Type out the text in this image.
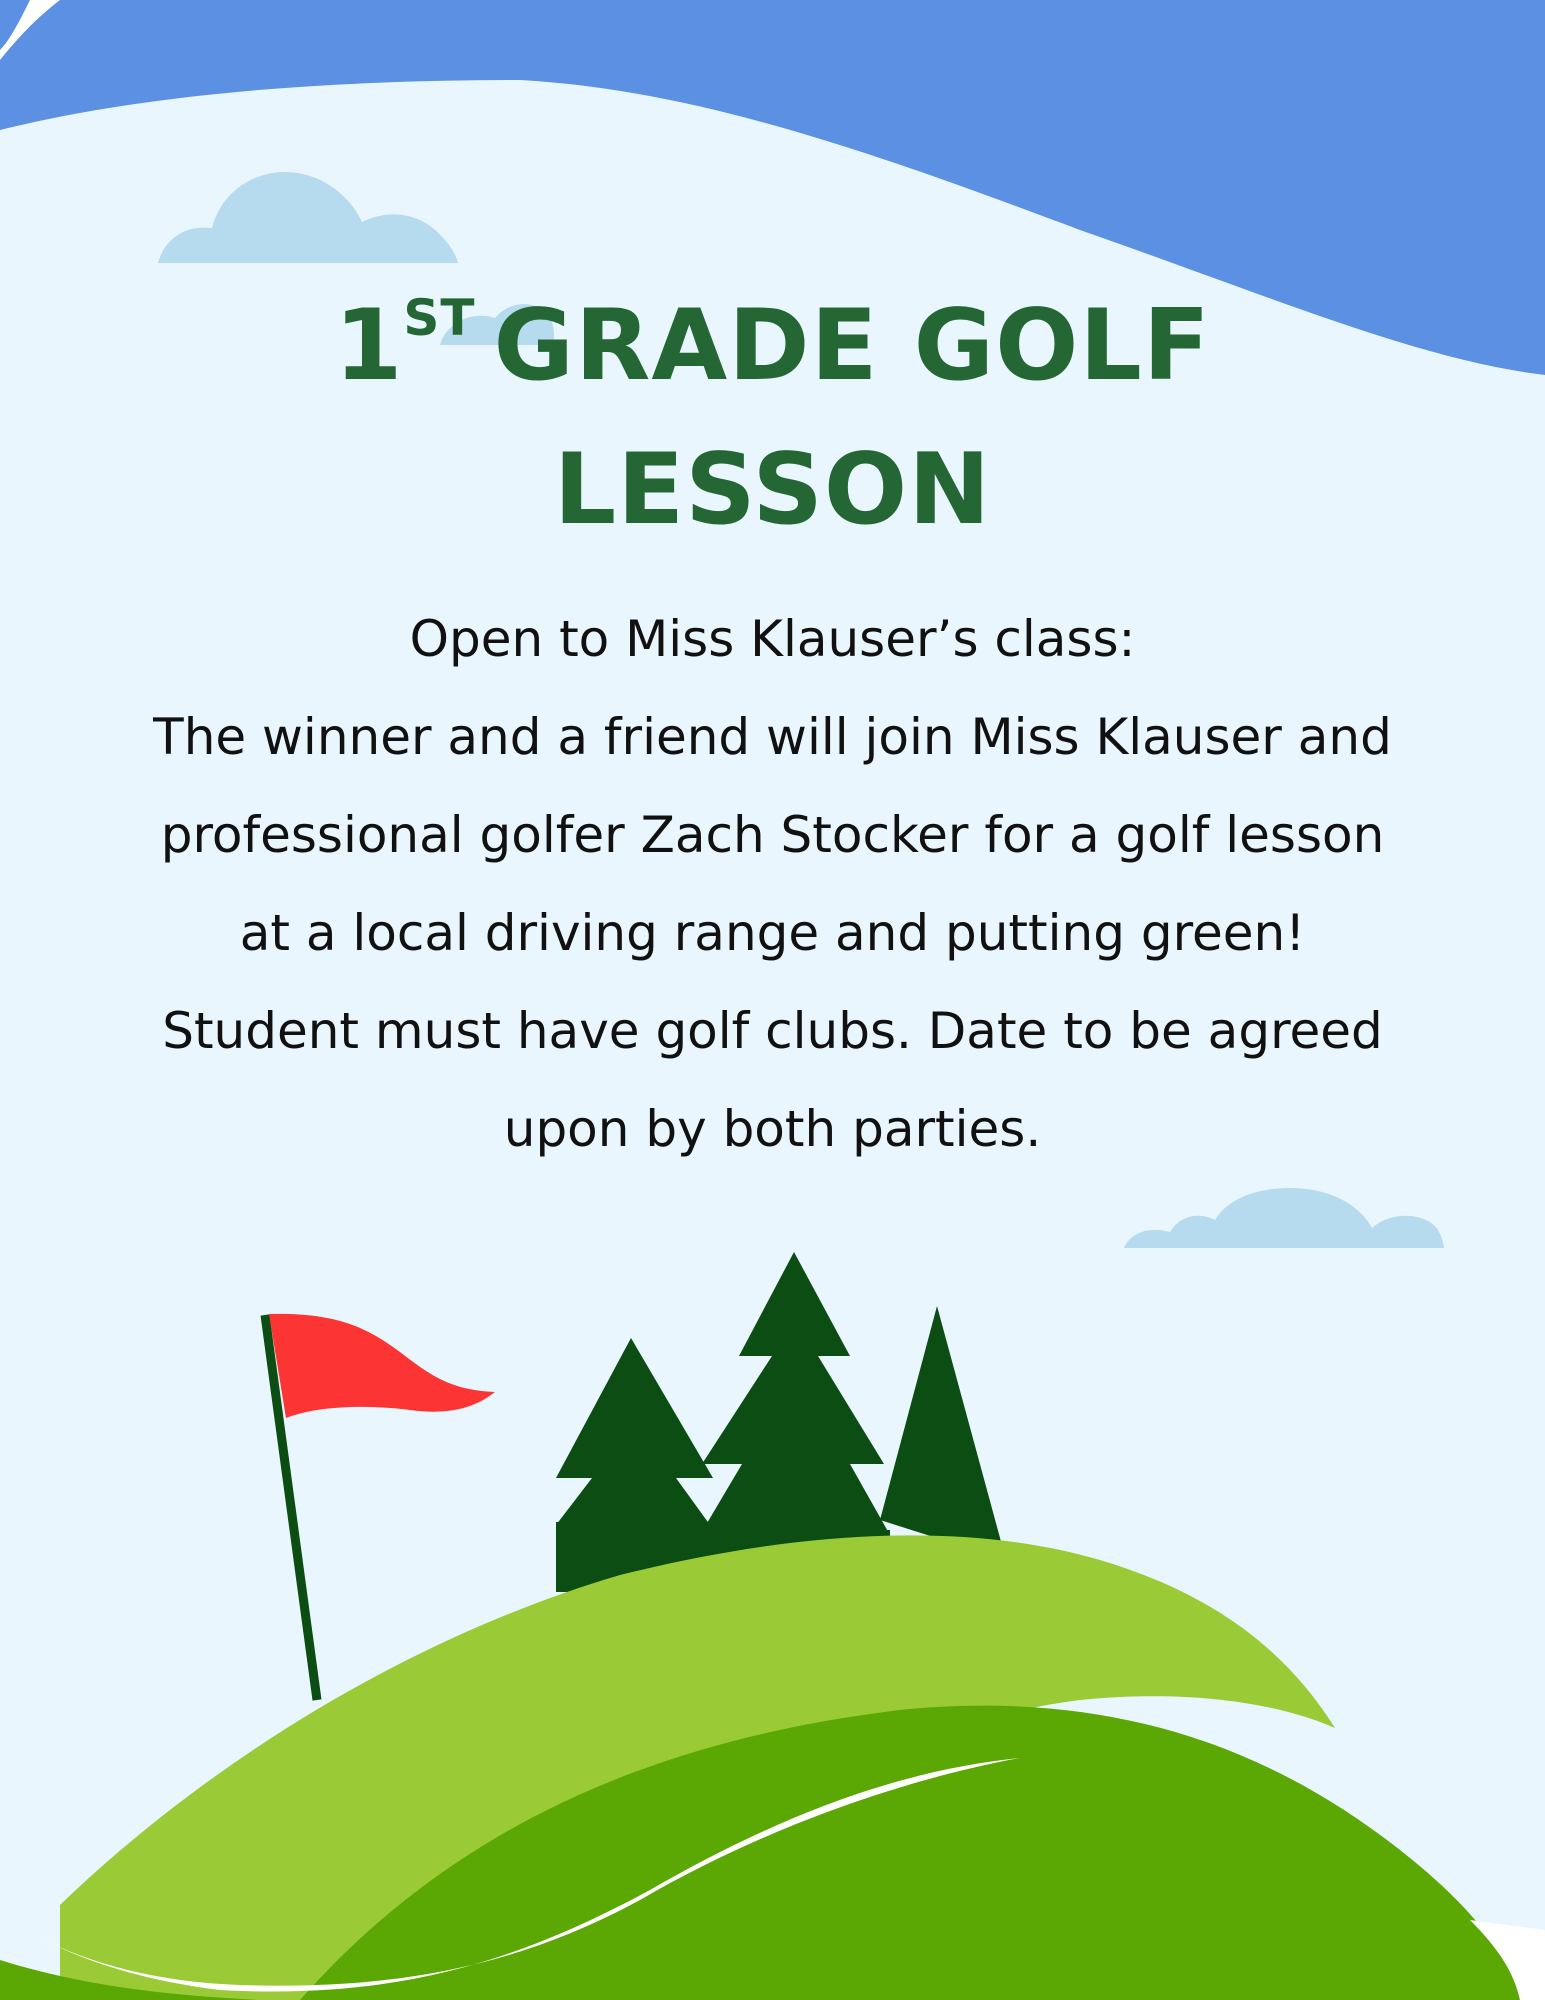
1ST GRADE GOLF
LESSON

Open to Miss Klauser’s class:

The winner and a friend will join Miss Klauser and professional golfer Zach Stocker for a golf lesson at a local driving range and putting green!

Student must have golf clubs. Date to be agreed upon by both parties.
